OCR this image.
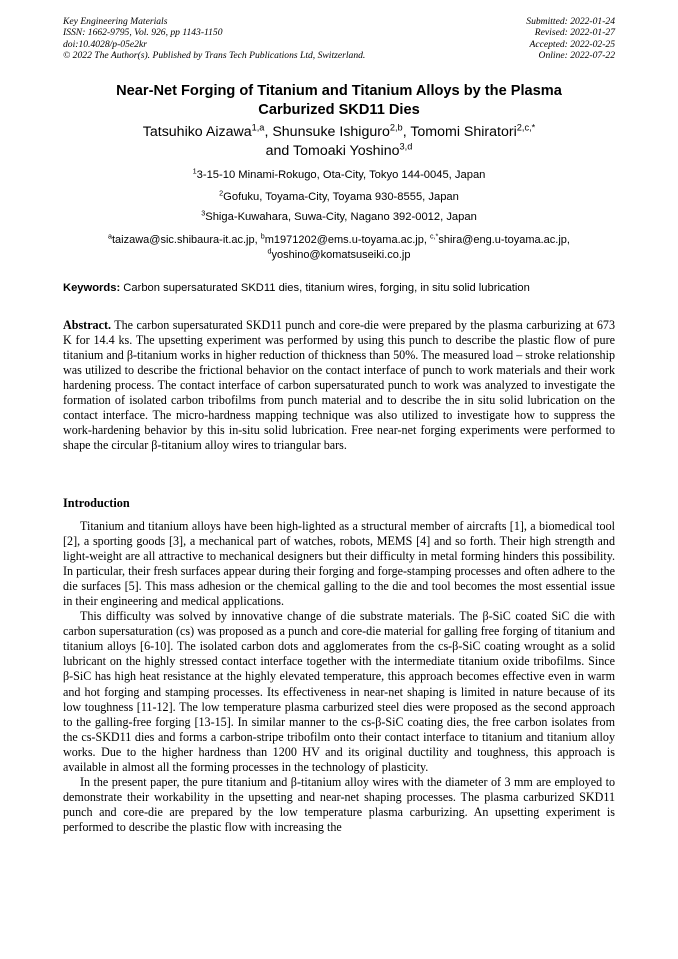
Key Engineering Materials
ISSN: 1662-9795, Vol. 926, pp 1143-1150
doi:10.4028/p-05e2kr
© 2022 The Author(s). Published by Trans Tech Publications Ltd, Switzerland.
Submitted: 2022-01-24
Revised: 2022-01-27
Accepted: 2022-02-25
Online: 2022-07-22
Near-Net Forging of Titanium and Titanium Alloys by the Plasma
Carburized SKD11 Dies
Tatsuhiko Aizawa$^{1,a}$, Shunsuke Ishiguro$^{2,b}$, Tomomi Shiratori$^{2,c,*}$
and Tomoaki Yoshino$^{3,d}$
$^1$3-15-10 Minami-Rokugo, Ota-City, Tokyo 144-0045, Japan
$^2$Gofuku, Toyama-City, Toyama 930-8555, Japan
$^3$Shiga-Kuwahara, Suwa-City, Nagano 392-0012, Japan
$^a$taizawa@sic.shibaura-it.ac.jp, $^b$m1971202@ems.u-toyama.ac.jp, $^{c,*}$shira@eng.u-toyama.ac.jp,
$^d$yoshino@komatsuseiki.co.jp
Keywords: Carbon supersaturated SKD11 dies, titanium wires, forging, in situ solid lubrication
Abstract. The carbon supersaturated SKD11 punch and core-die were prepared by the plasma carburizing at 673 K for 14.4 ks. The upsetting experiment was performed by using this punch to describe the plastic flow of pure titanium and β-titanium works in higher reduction of thickness than 50%. The measured load – stroke relationship was utilized to describe the frictional behavior on the contact interface of punch to work materials and their work hardening process. The contact interface of carbon supersaturated punch to work was analyzed to investigate the formation of isolated carbon tribofilms from punch material and to describe the in situ solid lubrication on the contact interface. The micro-hardness mapping technique was also utilized to investigate how to suppress the work-hardening behavior by this in-situ solid lubrication. Free near-net forging experiments were performed to shape the circular β-titanium alloy wires to triangular bars.
Introduction

Titanium and titanium alloys have been high-lighted as a structural member of aircrafts [1], a biomedical tool [2], a sporting goods [3], a mechanical part of watches, robots, MEMS [4] and so forth. Their high strength and light-weight are all attractive to mechanical designers but their difficulty in metal forming hinders this possibility. In particular, their fresh surfaces appear during their forging and forge-stamping processes and often adhere to the die surfaces [5]. This mass adhesion or the chemical galling to the die and tool becomes the most essential issue in their engineering and medical applications.

This difficulty was solved by innovative change of die substrate materials. The β-SiC coated SiC die with carbon supersaturation (cs) was proposed as a punch and core-die material for galling free forging of titanium and titanium alloys [6-10]. The isolated carbon dots and agglomerates from the cs-β-SiC coating wrought as a solid lubricant on the highly stressed contact interface together with the intermediate titanium oxide tribofilms. Since β-SiC has high heat resistance at the highly elevated temperature, this approach becomes effective even in warm and hot forging and stamping processes. Its effectiveness in near-net shaping is limited in nature because of its low toughness [11-12]. The low temperature plasma carburized steel dies were proposed as the second approach to the galling-free forging [13-15]. In similar manner to the cs-β-SiC coating dies, the free carbon isolates from the cs-SKD11 dies and forms a carbon-stripe tribofilm onto their contact interface to titanium and titanium alloy works. Due to the higher hardness than 1200 HV and its original ductility and toughness, this approach is available in almost all the forming processes in the technology of plasticity.

In the present paper, the pure titanium and β-titanium alloy wires with the diameter of 3 mm are employed to demonstrate their workability in the upsetting and near-net shaping processes. The plasma carburized SKD11 punch and core-die are prepared by the low temperature plasma carburizing. An upsetting experiment is performed to describe the plastic flow with increasing the
